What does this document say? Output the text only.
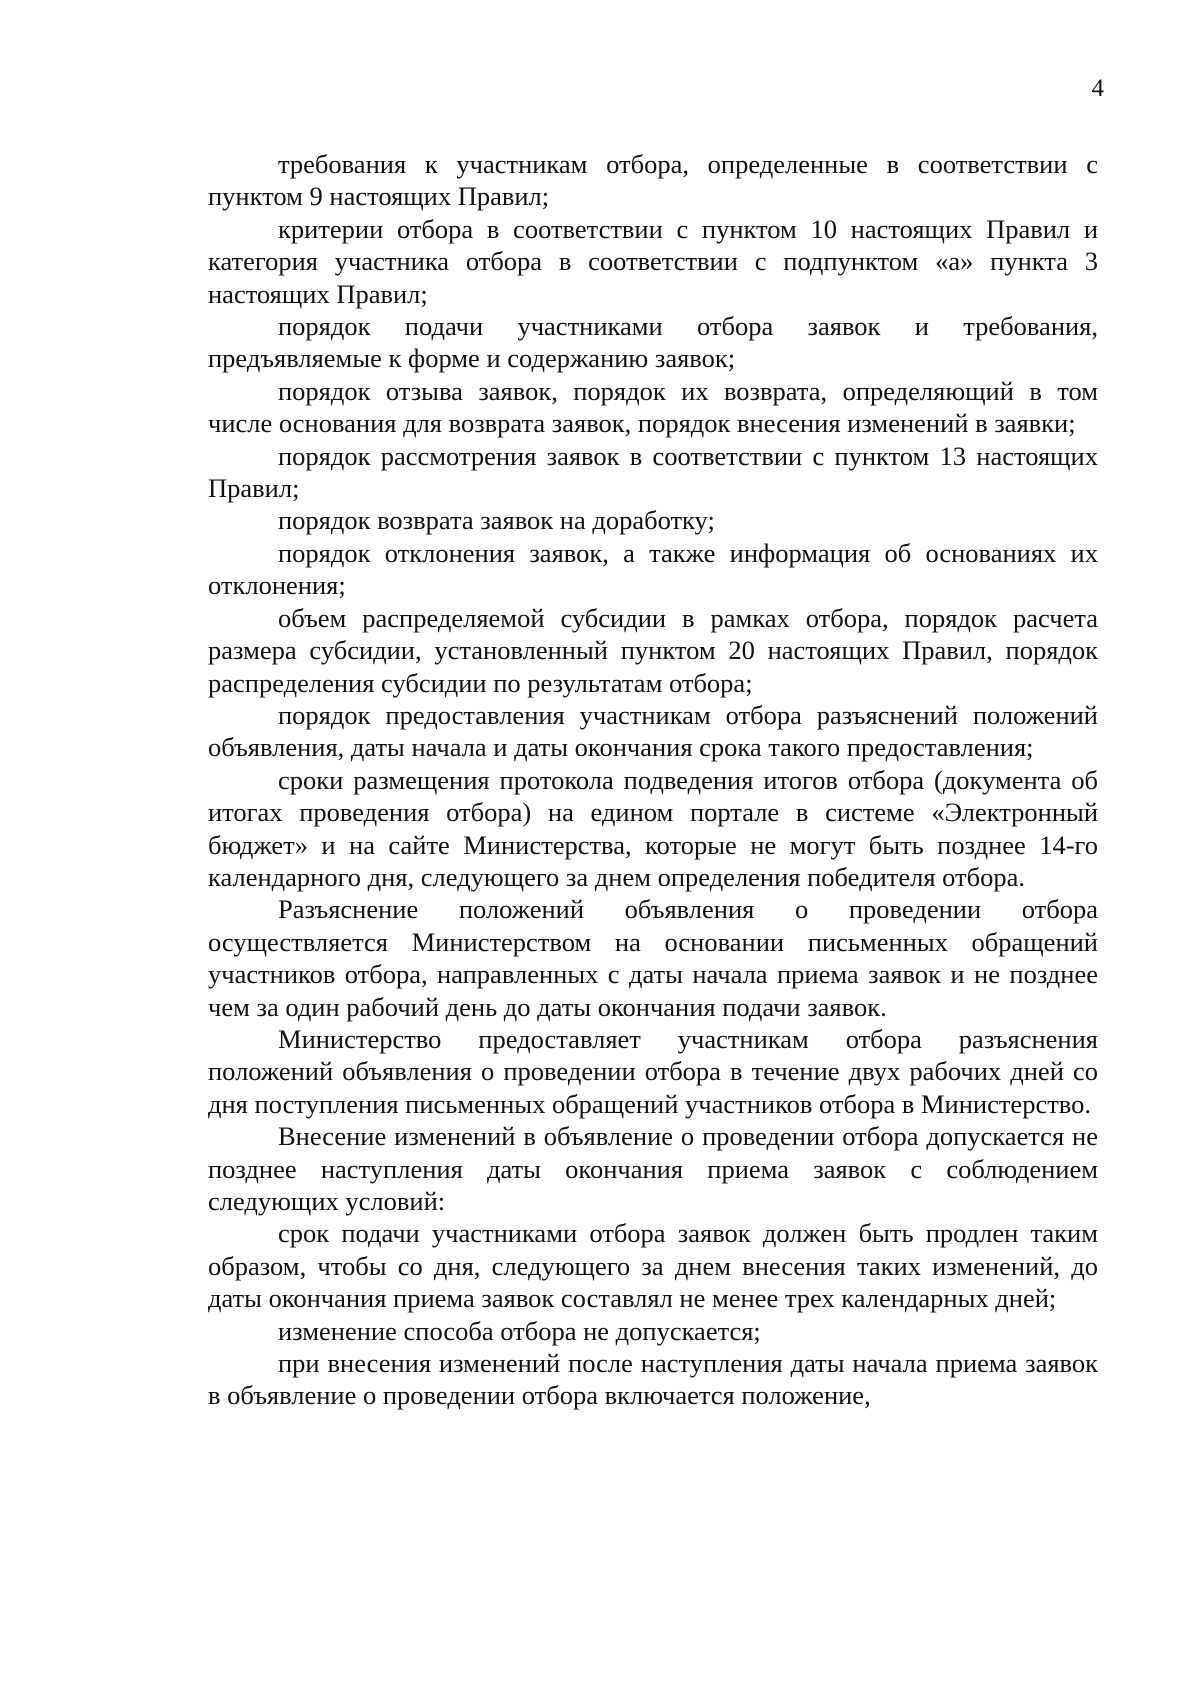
4

требования к участникам отбора, определенные в соответствии с пунктом 9 настоящих Правил;

критерии отбора в соответствии с пунктом 10 настоящих Правил и категория участника отбора в соответствии с подпунктом «а» пункта 3 настоящих Правил;

порядок подачи участниками отбора заявок и требования, предъявляемые к форме и содержанию заявок;

порядок отзыва заявок, порядок их возврата, определяющий в том числе основания для возврата заявок, порядок внесения изменений в заявки;

порядок рассмотрения заявок в соответствии с пунктом 13 настоящих Правил;

порядок возврата заявок на доработку;

порядок отклонения заявок, а также информация об основаниях их отклонения;

объем распределяемой субсидии в рамках отбора, порядок расчета размера субсидии, установленный пунктом 20 настоящих Правил, порядок распределения субсидии по результатам отбора;

порядок предоставления участникам отбора разъяснений положений объявления, даты начала и даты окончания срока такого предоставления;

сроки размещения протокола подведения итогов отбора (документа об итогах проведения отбора) на едином портале в системе «Электронный бюджет» и на сайте Министерства, которые не могут быть позднее 14-го календарного дня, следующего за днем определения победителя отбора.

Разъяснение положений объявления о проведении отбора осуществляется Министерством на основании письменных обращений участников отбора, направленных с даты начала приема заявок и не позднее чем за один рабочий день до даты окончания подачи заявок.

Министерство предоставляет участникам отбора разъяснения положений объявления о проведении отбора в течение двух рабочих дней со дня поступления письменных обращений участников отбора в Министерство.

Внесение изменений в объявление о проведении отбора допускается не позднее наступления даты окончания приема заявок с соблюдением следующих условий:

срок подачи участниками отбора заявок должен быть продлен таким образом, чтобы со дня, следующего за днем внесения таких изменений, до даты окончания приема заявок составлял не менее трех календарных дней;

изменение способа отбора не допускается;

при внесения изменений после наступления даты начала приема заявок в объявление о проведении отбора включается положение,
